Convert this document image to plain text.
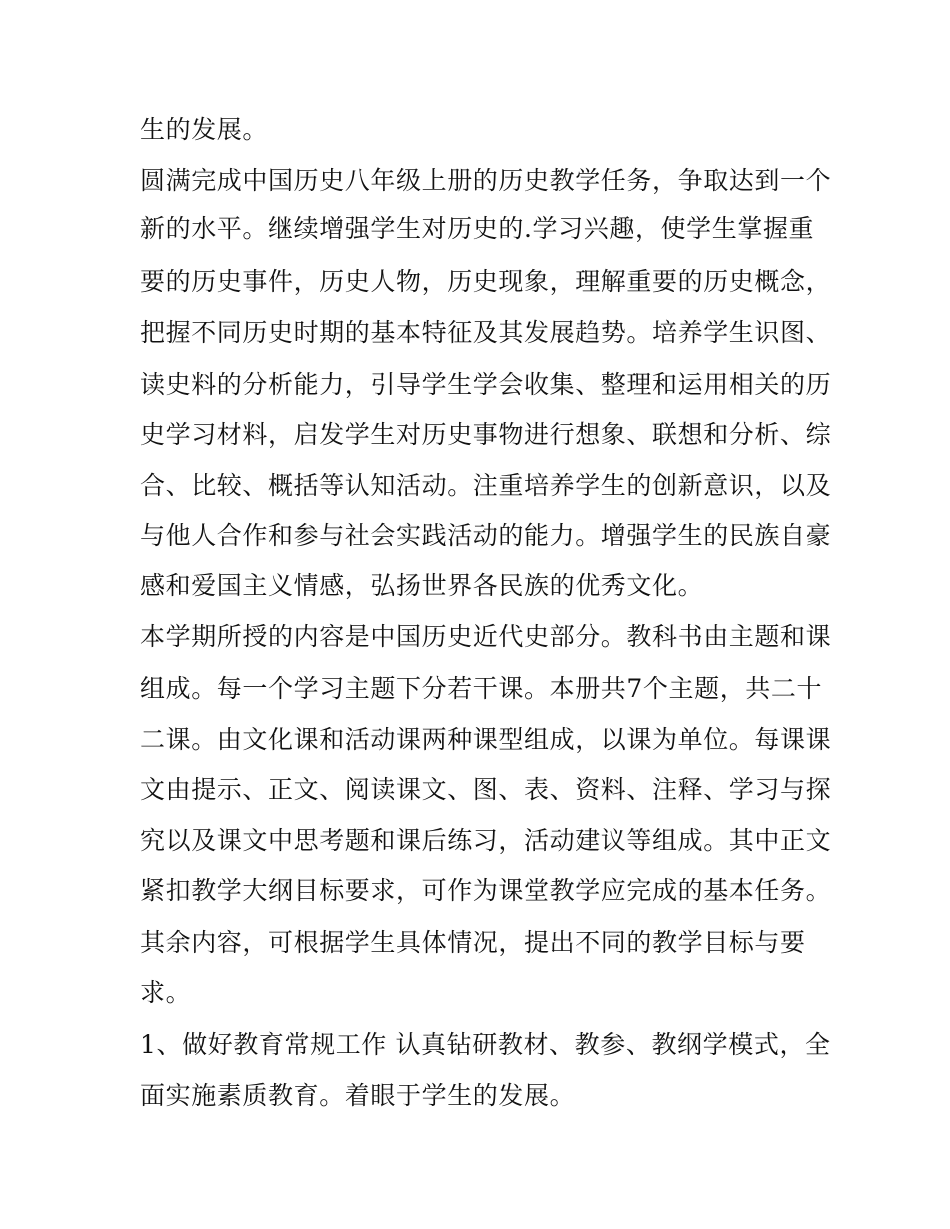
生的发展。
圆满完成中国历史八年级上册的历史教学任务，争取达到一个
新的水平。继续增强学生对历史的.学习兴趣，使学生掌握重
要的历史事件，历史人物，历史现象，理解重要的历史概念，
把握不同历史时期的基本特征及其发展趋势。培养学生识图、
读史料的分析能力，引导学生学会收集、整理和运用相关的历
史学习材料，启发学生对历史事物进行想象、联想和分析、综
合、比较、概括等认知活动。注重培养学生的创新意识，以及
与他人合作和参与社会实践活动的能力。增强学生的民族自豪
感和爱国主义情感，弘扬世界各民族的优秀文化。
本学期所授的内容是中国历史近代史部分。教科书由主题和课
组成。每一个学习主题下分若干课。本册共7个主题，共二十
二课。由文化课和活动课两种课型组成，以课为单位。每课课
文由提示、正文、阅读课文、图、表、资料、注释、学习与探
究以及课文中思考题和课后练习，活动建议等组成。其中正文
紧扣教学大纲目标要求，可作为课堂教学应完成的基本任务。
其余内容，可根据学生具体情况，提出不同的教学目标与要
求。
1、做好教育常规工作 认真钻研教材、教参、教纲学模式，全
面实施素质教育。着眼于学生的发展。
